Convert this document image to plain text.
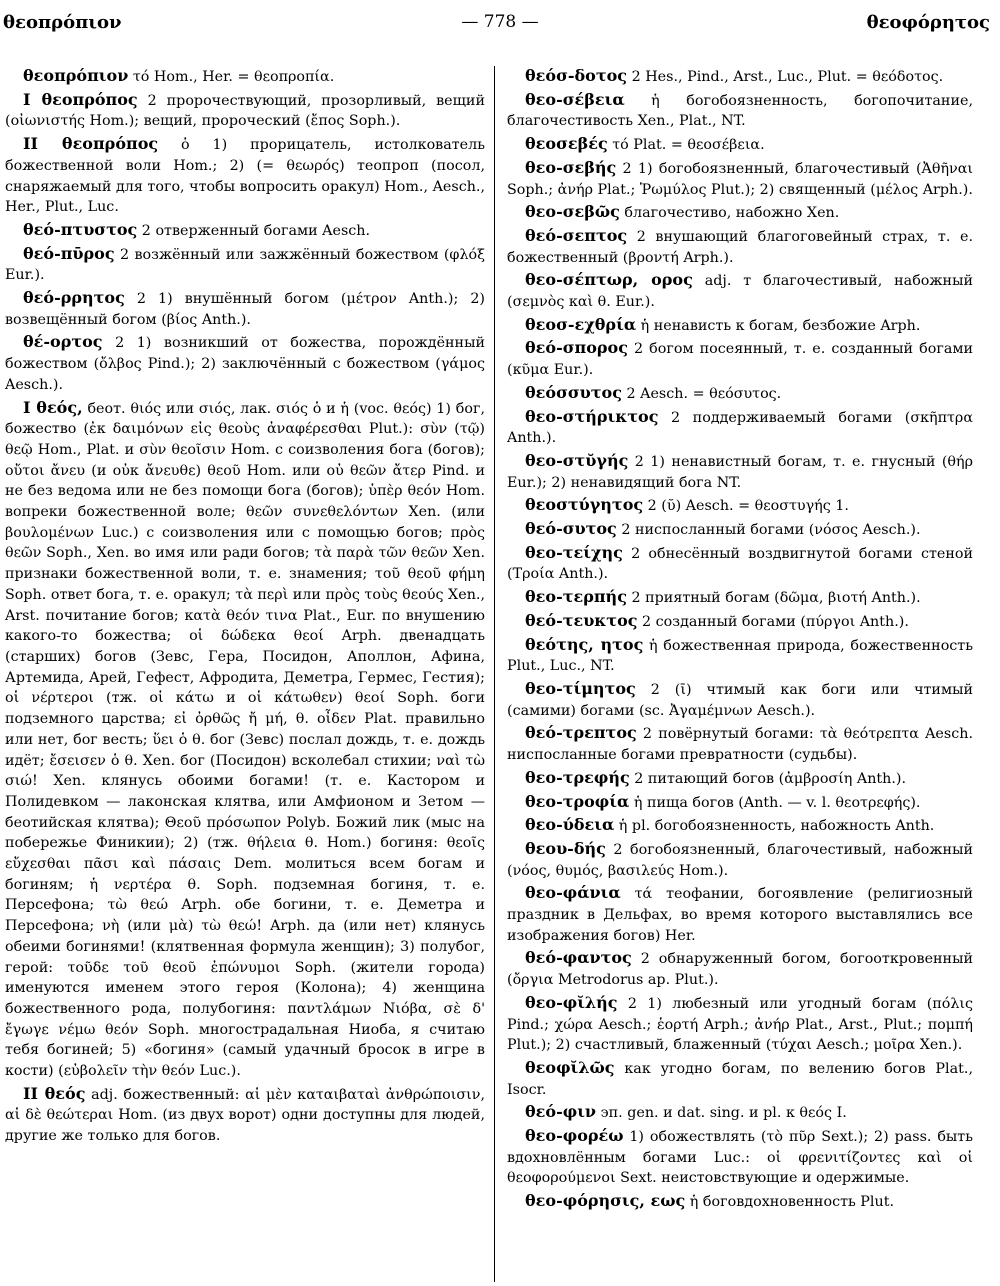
θεοπρόπιον	— 778 —	θεοφόρητος

θεοπρόπιον τό Hom., Her. = θεοπροπία.

I θεοπρόπος 2 пророчествующий, прозорливый, вещий (οἰωνιστής Hom.); вещий, пророческий (ἔπος Soph.).

II θεοπρόπος ὁ 1) прорицатель, истолкователь божественной воли Hom.; 2) (= θεωρός) теопроп (посол, снаряжаемый для того, чтобы вопросить оракул) Hom., Aesch., Her., Plut., Luc.

θεό-πτυστος 2 отверженный богами Aesch.

θεό-πῡρος 2 возжённый или зажжённый божеством (φλόξ Eur.).

θεό-ρρητος 2 1) внушённый богом (μέτρον Anth.); 2) возвещённый богом (βίος Anth.).

θέ-ορτος 2 1) возникший от божества, порождённый божеством (ὄλβος Pind.); 2) заключённый с божеством (γάμος Aesch.).

I θεός, беот. θιός или σιός, лак. σιός ὁ и ἡ (voc. θεός) 1) бог, божество (ἐκ δαιμόνων εἰς θεοὺς ἀναφέρεσθαι Plut.): σὺν (τῷ) θεῷ Hom., Plat. и σὺν θεοῖσιν Hom. с соизволения бога (богов); οὔτοι ἄνευ (и οὐκ ἄνευθε) θεοῦ Hom. или οὐ θεῶν ἄτερ Pind. и не без ведома или не без помощи бога (богов); ὑπὲρ θεόν Hom. вопреки божественной воле; θεῶν συνεθελόντων Xen. (или βουλομένων Luc.) с соизволения или с помощью богов; πρὸς θεῶν Soph., Xen. во имя или ради богов; τὰ παρὰ τῶν θεῶν Xen. признаки божественной воли, т. е. знамения; τοῦ θεοῦ φήμη Soph. ответ бога, т. е. оракул; τὰ περὶ или πρὸς τοὺς θεούς Xen., Arst. почитание богов; κατὰ θεόν τινα Plat., Eur. по внушению какого-то божества; οἱ δώδεκα θεοί Arph. двенадцать (старших) богов (Зевс, Гера, Посидон, Аполлон, Афина, Артемида, Арей, Гефест, Афродита, Деметра, Гермес, Гестия); οἱ νέρτεροι (тж. οἱ κάτω и οἱ κάτωθεν) θεοί Soph. боги подземного царства; εἰ ὀρθῶς ἤ μή, θ. οἶδεν Plat. правильно или нет, бог весть; ὕει ὁ θ. бог (Зевс) послал дождь, т. е. дождь идёт; ἔσεισεν ὁ θ. Xen. бог (Посидон) всколебал стихии; ναὶ τὼ σιώ! Xen. клянусь обоими богами! (т. е. Кастором и Полидевком — лаконская клятва, или Амфионом и Зетом — беотийская клятва); Θεοῦ πρόσωπον Polyb. Божий лик (мыс на побережье Финикии); 2) (тж. θήλεια θ. Hom.) богиня: θεοῖς εὔχεσθαι πᾶσι καὶ πάσαις Dem. молиться всем богам и богиням; ἡ νερτέρα θ. Soph. подземная богиня, т. е. Персефона; τὼ θεώ Arph. обе богини, т. е. Деметра и Персефона; νὴ (или μὰ) τὼ θεώ! Arph. да (или нет) клянусь обеими богинями! (клятвенная формула женщин); 3) полубог, герой: τοῦδε τοῦ θεοῦ ἐπώνυμοι Soph. (жители города) именуются именем этого героя (Колона); 4) женщина божественного рода, полубогиня: παντλάμων Νιόβα, σὲ δ' ἔγωγε νέμω θεόν Soph. многострадальная Ниоба, я считаю тебя богиней; 5) «богиня» (самый удачный бросок в игре в кости) (εὐβολεῖν τὴν θεόν Luc.).

II θεός adj. божественный: αἱ μὲν καταιβαταὶ ἀνθρώποισιν, αἱ δὲ θεώτεραι Hom. (из двух ворот) одни доступны для людей, другие же только для богов.

θεόσ-δοτος 2 Hes., Pind., Arst., Luc., Plut. = θεόδοτος.

θεο-σέβεια ἡ богобоязненность, богопочитание, благочестивость Xen., Plat., NT.

θεοσεβές τό Plat. = θεοσέβεια.

θεο-σεβής 2 1) богобоязненный, благочестивый (Ἀθῆναι Soph.; ἀνήρ Plat.; Ῥωμύλος Plut.); 2) священный (μέλος Arph.).

θεο-σεβῶς благочестиво, набожно Xen.

θεό-σεπτος 2 внушающий благоговейный страх, т. е. божественный (βροντή Arph.).

θεο-σέπτωρ, ορος adj. т благочестивый, набожный (σεμνὸς καὶ θ. Eur.).

θεοσ-εχθρία ἡ ненависть к богам, безбожие Arph.

θεό-σπορος 2 богом посеянный, т. е. созданный богами (κῦμα Eur.).

θεόσσυτος 2 Aesch. = θεόσυτος.

θεο-στήρικτος 2 поддерживаемый богами (σκῆπτρα Anth.).

θεο-στῠγής 2 1) ненавистный богам, т. е. гнусный (θήρ Eur.); 2) ненавидящий бога NT.

θεοστύγητος 2 (ῠ) Aesch. = θεοστυγής 1.

θεό-συτος 2 ниспосланный богами (νόσος Aesch.).

θεο-τείχης 2 обнесённый воздвигнутой богами стеной (Τροία Anth.).

θεο-τερπής 2 приятный богам (δῶμα, βιοτή Anth.).

θεό-τευκτος 2 созданный богами (πύργοι Anth.).

θεότης, ητος ἡ божественная природа, божественность Plut., Luc., NT.

θεο-τίμητος 2 (ῑ) чтимый как боги или чтимый (самими) богами (sc. Ἀγαμέμνων Aesch.).

θεό-τρεπτος 2 повёрнутый богами: τὰ θεότρεπτα Aesch. ниспосланные богами превратности (судьбы).

θεο-τρεφής 2 питающий богов (ἀμβροσίη Anth.).

θεο-τροφία ἡ пища богов (Anth. — v. l. θεοτρεφής).

θεο-ύδεια ἡ pl. богобоязненность, набожность Anth.

θεου-δής 2 богобоязненный, благочестивый, набожный (νόος, θυμός, βασιλεύς Hom.).

θεο-φάνια τά теофании, богоявление (религиозный праздник в Дельфах, во время которого выставлялись все изображения богов) Her.

θεό-φαντος 2 обнаруженный богом, богооткровенный (ὄργια Metrodorus ap. Plut.).

θεο-φῐλής 2 1) любезный или угодный богам (πόλις Pind.; χώρα Aesch.; ἑορτή Arph.; ἀνήρ Plat., Arst., Plut.; πομπή Plut.); 2) счастливый, блаженный (τύχαι Aesch.; μοῖρα Xen.).

θεοφῐλῶς как угодно богам, по велению богов Plat., Isocr.

θεό-φιν эп. gen. и dat. sing. и pl. к θεός I.

θεο-φορέω 1) обожествлять (τὸ πῦρ Sext.); 2) pass. быть вдохновлённым богами Luc.: οἱ φρενιτίζοντες καὶ οἱ θεοφορούμενοι Sext. неистовствующие и одержимые.

θεο-φόρησις, εως ἡ боговдохновенность Plut.
